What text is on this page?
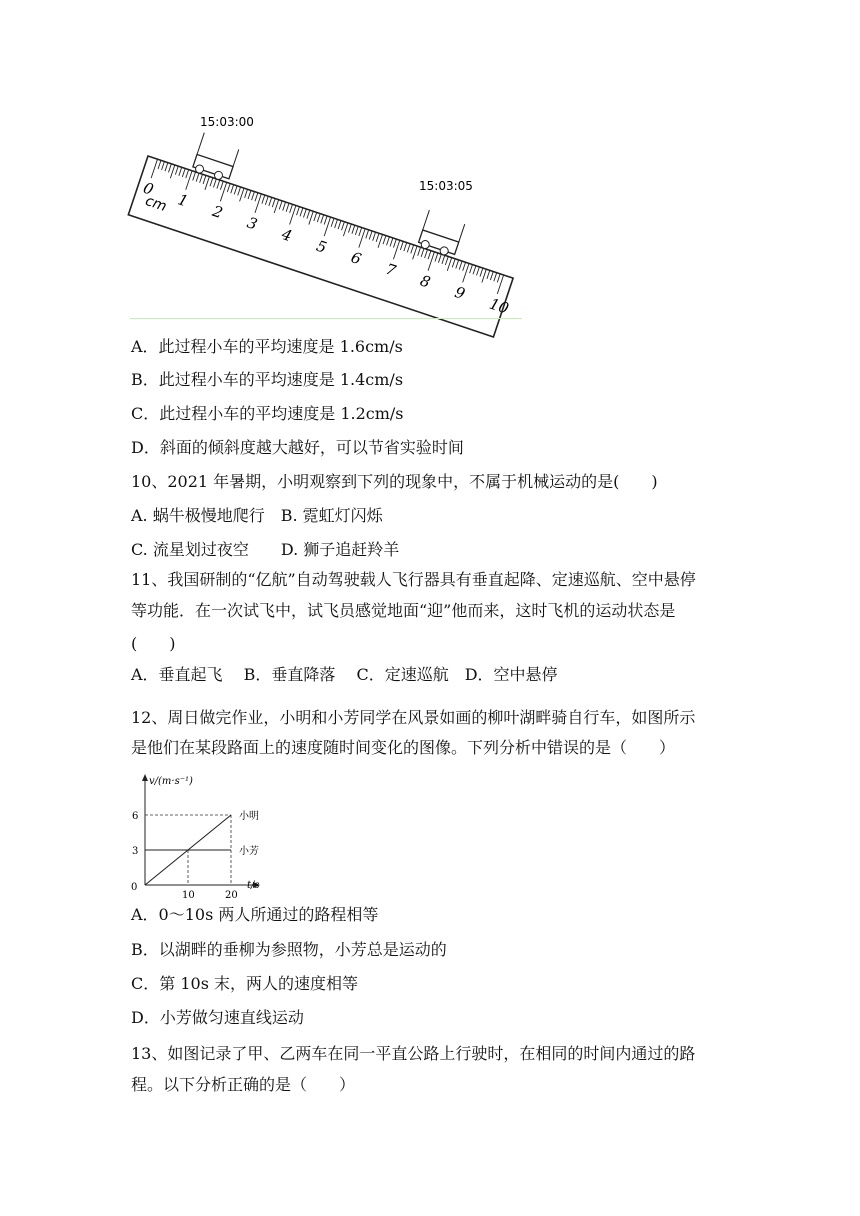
0
1
2
3
4
5
6
7
8
9
10
cm
15:03:00
15:03:05
A．此过程小车的平均速度是 1.6cm/s
B．此过程小车的平均速度是 1.4cm/s
C．此过程小车的平均速度是 1.2cm/s
D．斜面的倾斜度越大越好，可以节省实验时间
10、2021 年暑期，小明观察到下列的现象中，不属于机械运动的是(　　)
A. 蜗牛极慢地爬行　B. 霓虹灯闪烁
C. 流星划过夜空　　D. 狮子追赶羚羊
11、我国研制的“亿航”自动驾驶载人飞行器具有垂直起降、定速巡航、空中悬停
等功能．在一次试飞中，试飞员感觉地面“迎”他而来，这时飞机的运动状态是
(　　)
A．垂直起飞　 B．垂直降落　 C．定速巡航　D．空中悬停
12、周日做完作业，小明和小芳同学在风景如画的柳叶湖畔骑自行车，如图所示
是他们在某段路面上的速度随时间变化的图像。下列分析中错误的是（　　）
小明
小芳
0
10	20
3
6
v/(m·s⁻¹)
t/s
A．0～10s 两人所通过的路程相等
B．以湖畔的垂柳为参照物，小芳总是运动的
C．第 10s 末，两人的速度相等
D．小芳做匀速直线运动
13、如图记录了甲、乙两车在同一平直公路上行驶时，在相同的时间内通过的路
程。以下分析正确的是（　　）
